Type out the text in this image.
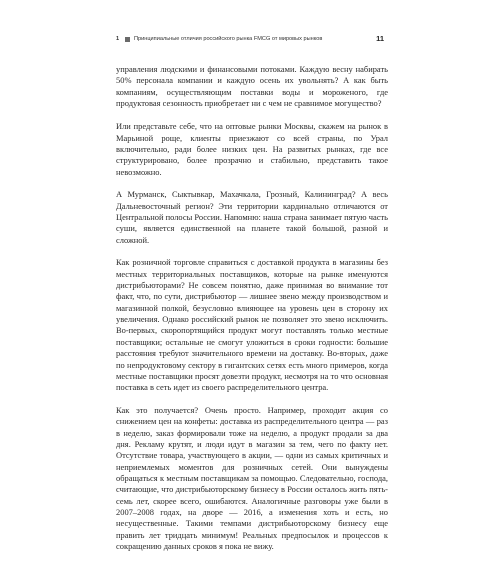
1	Принципиальные отличия российского рынка FMCG от мировых рынков	11

управления людскими и финансовыми потоками. Каждую весну набирать 50% персонала компании и каждую осень их увольнять? А как быть компаниям, осуществляющим поставки воды и мороженого, где продуктовая сезонность приобретает ни с чем не сравнимое могущество?

Или представьте себе, что на оптовые рынки Москвы, скажем на рынок в Марьиной роще, клиенты приезжают со всей страны, по Урал включительно, ради более низких цен. На развитых рынках, где все структурировано, более прозрачно и стабильно, представить такое невозможно.

А Мурманск, Сыктывкар, Махачкала, Грозный, Калининград? А весь Дальневосточный регион? Эти территории кардинально отличаются от Центральной полосы России. Напомню: наша страна занимает пятую часть суши, является единственной на планете такой большой, разной и сложной.

Как розничной торговле справиться с доставкой продукта в магазины без местных территориальных поставщиков, которые на рынке именуются дистрибьюторами? Не совсем понятно, даже принимая во внимание тот факт, что, по сути, дистрибьютор — лишнее звено между производством и магазинной полкой, безусловно влияющее на уровень цен в сторону их увеличения. Однако российский рынок не позволяет это звено исключить. Во-первых, скоропортящийся продукт могут поставлять только местные поставщики; остальные не смогут уложиться в сроки годности: большие расстояния требуют значительного времени на доставку. Во-вторых, даже по непродуктовому сектору в гигантских сетях есть много примеров, когда местные поставщики просят довезти продукт, несмотря на то что основная поставка в сеть идет из своего распределительного центра.

Как это получается? Очень просто. Например, проходит акция со снижением цен на конфеты: доставка из распределительного центра — раз в неделю, заказ формировали тоже на неделю, а продукт продали за два дня. Рекламу крутят, и люди идут в магазин за тем, чего по факту нет. Отсутствие товара, участвующего в акции, — одни из самых критичных и неприемлемых моментов для розничных сетей. Они вынуждены обращаться к местным поставщикам за помощью. Следовательно, господа, считающие, что дистрибьюторскому бизнесу в России осталось жить пять-семь лет, скорее всего, ошибаются. Аналогичные разговоры уже были в 2007–2008 годах, на дворе — 2016, а изменения хоть и есть, но несущественные. Такими темпами дистрибьюторскому бизнесу еще править лет тридцать минимум! Реальных предпосылок и процессов к сокращению данных сроков я пока не вижу.
